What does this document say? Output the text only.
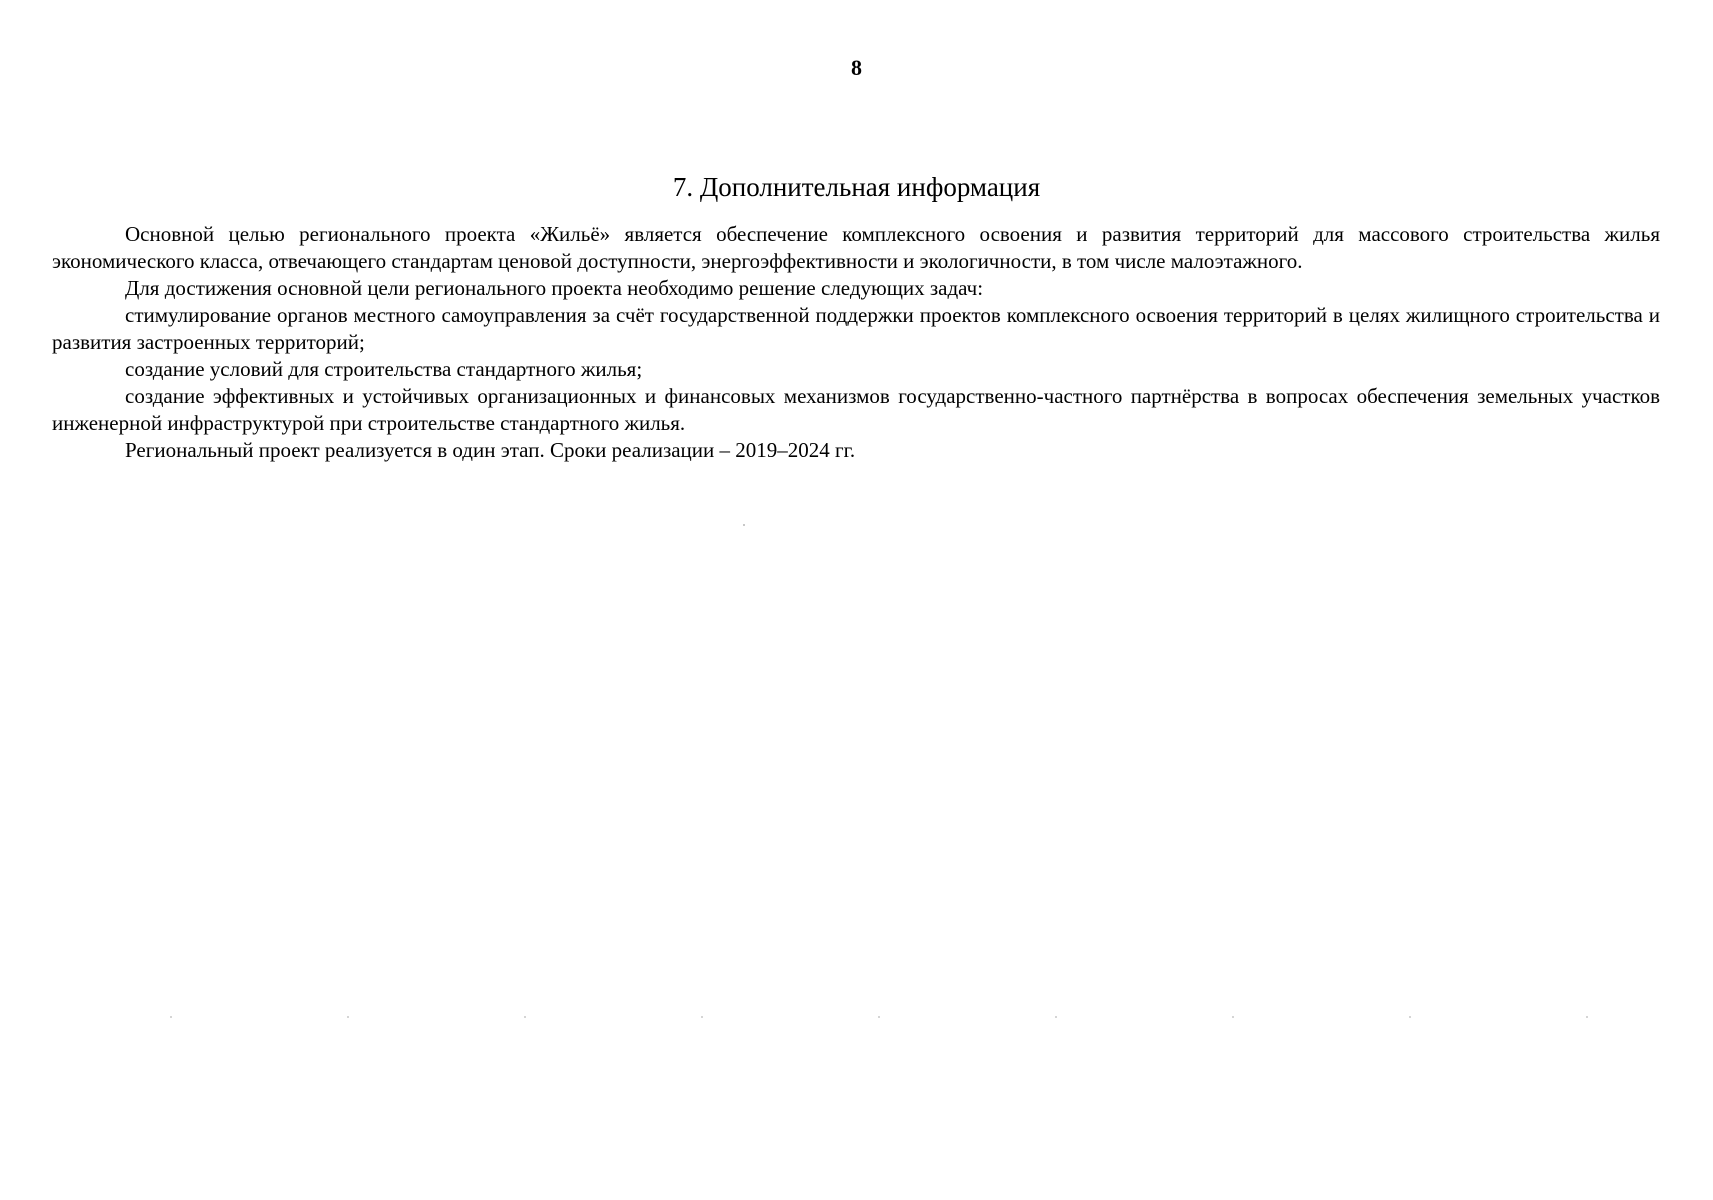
8
7. Дополнительная информация

Основной целью регионального проекта «Жильё» является обеспечение комплексного освоения и развития территорий для массового строительства жилья экономического класса, отвечающего стандартам ценовой доступности, энергоэффективности и экологичности, в том числе малоэтажного.

Для достижения основной цели регионального проекта необходимо решение следующих задач:

стимулирование органов местного самоуправления за счёт государственной поддержки проектов комплексного освоения территорий в целях жилищного строительства и развития застроенных территорий;

создание условий для строительства стандартного жилья;

создание эффективных и устойчивых организационных и финансовых механизмов государственно-частного партнёрства в вопросах обеспечения земельных участков инженерной инфраструктурой при строительстве стандартного жилья.

Региональный проект реализуется в один этап. Сроки реализации – 2019–2024 гг.
